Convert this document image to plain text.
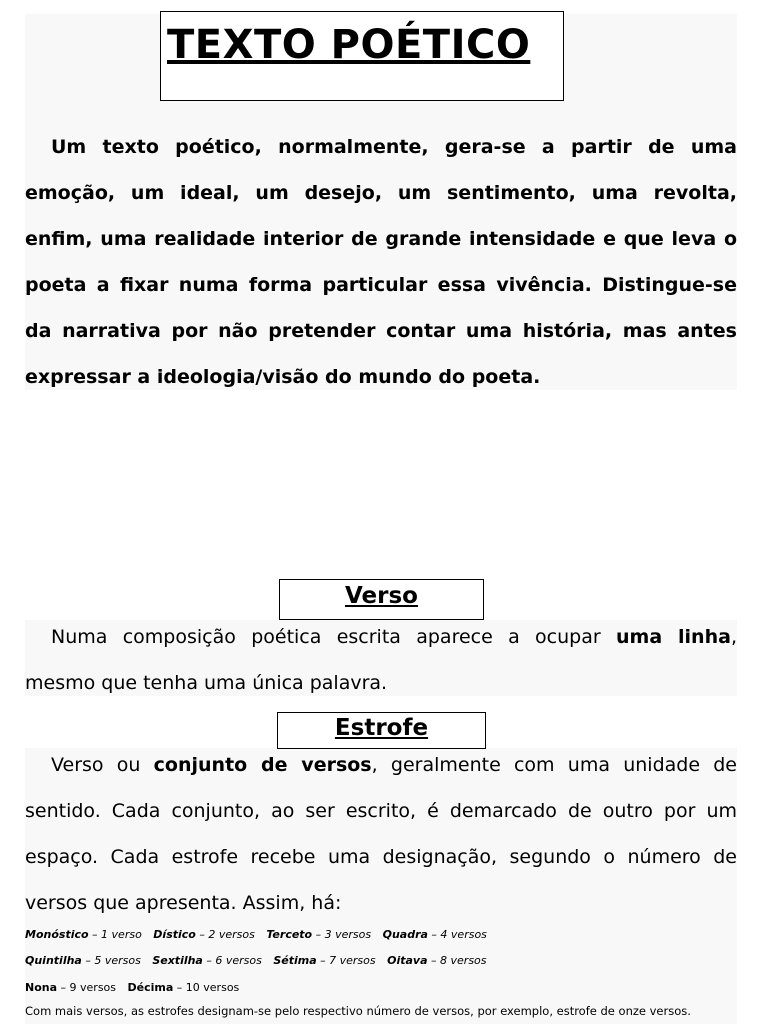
TEXTO POÉTICO

Um texto poético, normalmente, gera-se a partir de uma emoção, um ideal, um desejo, um sentimento, uma revolta, enfim, uma realidade interior de grande intensidade e que leva o poeta a fixar numa forma particular essa vivência. Distingue-se da narrativa por não pretender contar uma história, mas antes expressar a ideologia/visão do mundo do poeta.

Verso

Numa composição poética escrita aparece a ocupar uma linha, mesmo que tenha uma única palavra.

Estrofe

Verso ou conjunto de versos, geralmente com uma unidade de sentido. Cada conjunto, ao ser escrito, é demarcado de outro por um espaço. Cada estrofe recebe uma designação, segundo o número de versos que apresenta. Assim, há:

Monóstico – 1 verso Dístico – 2 versos Terceto – 3 versos Quadra – 4 versos
Quintilha – 5 versos Sextilha – 6 versos Sétima – 7 versos Oitava – 8 versos
Nona – 9 versos Décima – 10 versos
Com mais versos, as estrofes designam-se pelo respectivo número de versos, por exemplo, estrofe de onze versos.
